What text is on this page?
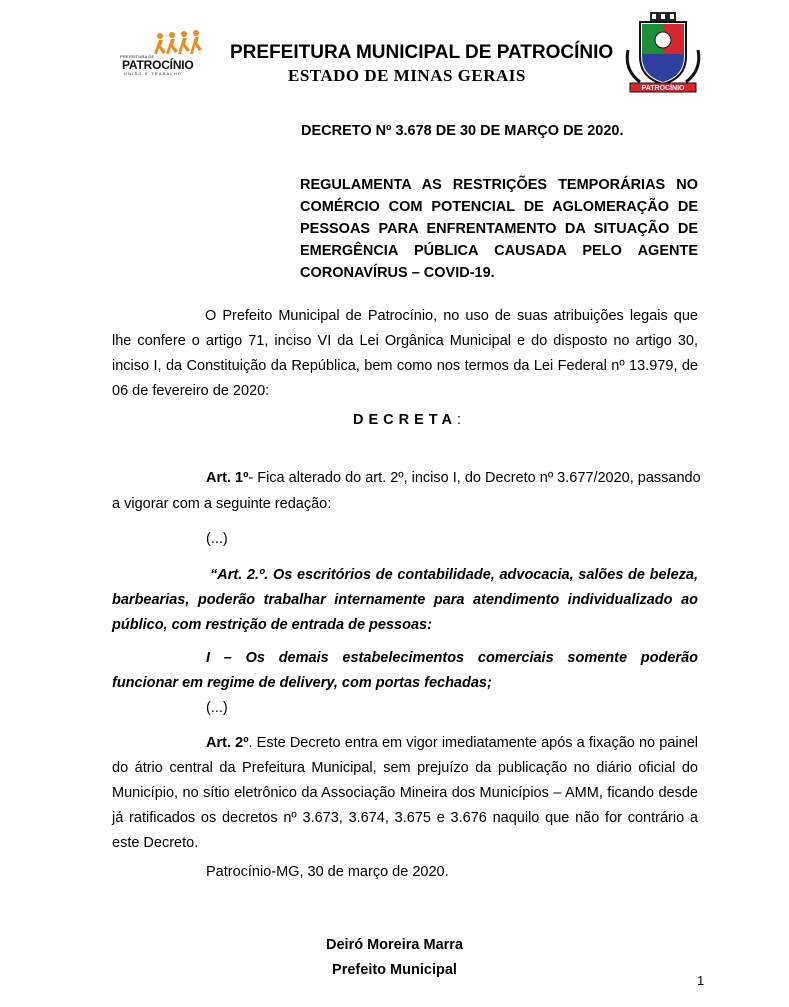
PREFEITURA DE
PATROCÍNIO
UNIÃO E TRABALHO
PREFEITURA MUNICIPAL DE PATROCÍNIO
ESTADO DE MINAS GERAIS
PATROCÍNIO
DECRETO Nº 3.678 DE 30 DE MARÇO DE 2020.

REGULAMENTA AS RESTRIÇÕES TEMPORÁRIAS NO

COMÉRCIO COM POTENCIAL DE AGLOMERAÇÃO DE

PESSOAS PARA ENFRENTAMENTO DA SITUAÇÃO DE

EMERGÊNCIA PÚBLICA CAUSADA PELO AGENTE

CORONAVÍRUS – COVID-19.

O Prefeito Municipal de Patrocínio, no uso de suas atribuições legais que
lhe confere o artigo 71, inciso VI da Lei Orgânica Municipal e do disposto no artigo 30,
inciso I, da Constituição da República, bem como nos termos da Lei Federal nº 13.979, de
06 de fevereiro de 2020:
DECRETA:
Art. 1º- Fica alterado do art. 2º, inciso I, do Decreto nº 3.677/2020, passando
a vigorar com a seguinte redação:
(...)
“Art. 2.º. Os escritórios de contabilidade, advocacia, salões de beleza,
barbearias, poderão trabalhar internamente para atendimento individualizado ao
público, com restrição de entrada de pessoas:
I – Os demais estabelecimentos comerciais somente poderão
funcionar em regime de delivery, com portas fechadas;
(...)
Art. 2º. Este Decreto entra em vigor imediatamente após a fixação no painel
do átrio central da Prefeitura Municipal, sem prejuízo da publicação no diário oficial do
Município, no sítio eletrônico da Associação Mineira dos Municípios – AMM, ficando desde
já ratificados os decretos nº 3.673, 3.674, 3.675 e 3.676 naquilo que não for contrário a
este Decreto.
Patrocínio-MG, 30 de março de 2020.
Deiró Moreira Marra
Prefeito Municipal
1
